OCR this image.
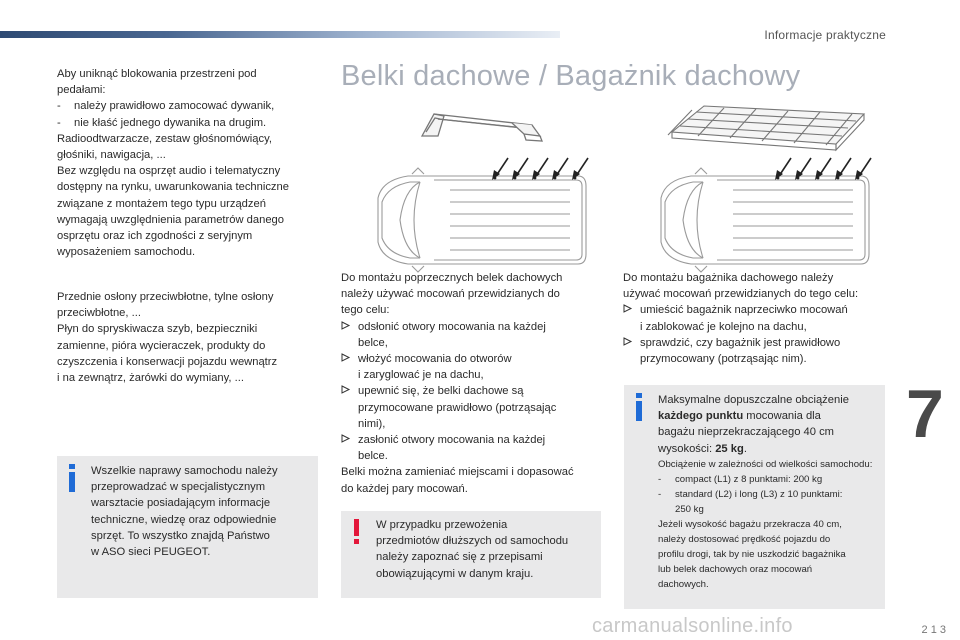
Informacje praktyczne
Aby uniknąć blokowania przestrzeni pod
pedałami:
- należy prawidłowo zamocować dywanik,
- nie kłaść jednego dywanika na drugim.
Radioodtwarzacze, zestaw głośnomówiący,
głośniki, nawigacja, ...
Bez względu na osprzęt audio i telematyczny
dostępny na rynku, uwarunkowania techniczne
związane z montażem tego typu urządzeń
wymagają uwzględnienia parametrów danego
osprzętu oraz ich zgodności z seryjnym
wyposażeniem samochodu.
Przednie osłony przeciwbłotne, tylne osłony
przeciwbłotne, ...
Płyn do spryskiwacza szyb, bezpieczniki
zamienne, pióra wycieraczek, produkty do
czyszczenia i konserwacji pojazdu wewnątrz
i na zewnątrz, żarówki do wymiany, ...
Wszelkie naprawy samochodu należy
przeprowadzać w specjalistycznym
warsztacie posiadającym informacje
techniczne, wiedzę oraz odpowiednie
sprzęt. To wszystko znajdą Państwo
w ASO sieci PEUGEOT.
Belki dachowe / Bagażnik dachowy
Do montażu poprzecznych belek dachowych
należy używać mocowań przewidzianych do
tego celu:
odsłonić otwory mocowania na każdej
belce,
włożyć mocowania do otworów
i zaryglować je na dachu,
upewnić się, że belki dachowe są
przymocowane prawidłowo (potrząsając
nimi),
zasłonić otwory mocowania na każdej
belce.
Belki można zamieniać miejscami i dopasować
do każdej pary mocowań.
W przypadku przewożenia
przedmiotów dłuższych od samochodu
należy zapoznać się z przepisami
obowiązującymi w danym kraju.
Do montażu bagażnika dachowego należy
używać mocowań przewidzianych do tego celu:
umieścić bagażnik naprzeciwko mocowań
i zablokować je kolejno na dachu,
sprawdzić, czy bagażnik jest prawidłowo
przymocowany (potrząsając nim).
Maksymalne dopuszczalne obciążenie
każdego punktu mocowania dla
bagażu nieprzekraczającego 40 cm
wysokości: 25 kg.
Obciążenie w zależności od wielkości samochodu:
- compact (L1) z 8 punktami: 200 kg
- standard (L2) i long (L3) z 10 punktami:
250 kg
Jeżeli wysokość bagażu przekracza 40 cm,
należy dostosować prędkość pojazdu do
profilu drogi, tak by nie uszkodzić bagażnika
lub belek dachowych oraz mocowań
dachowych.
7
carmanualsonline.info	2 1 3
